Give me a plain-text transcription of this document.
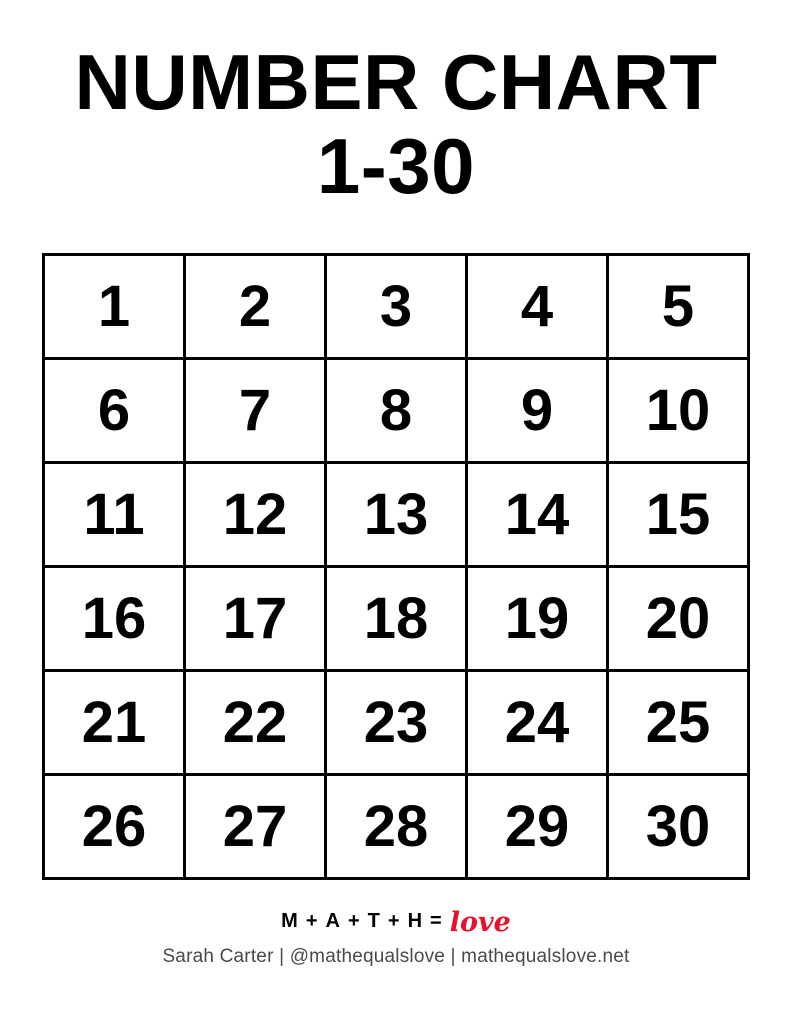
NUMBER CHART
1-30
1	2	3	4	5
6	7	8	9	10
11	12	13	14	15
16	17	18	19	20
21	22	23	24	25
26	27	28	29	30
M + A + T + H = love
Sarah Carter | @mathequalslove | mathequalslove.net
